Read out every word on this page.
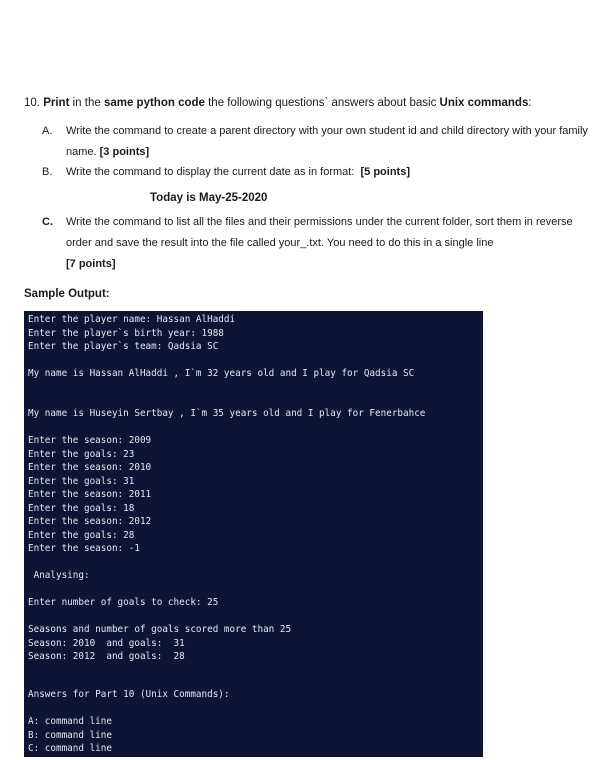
10. Print in the same python code the following questions` answers about basic Unix commands:
A. Write the command to create a parent directory with your own student id and child directory with your family name. [3 points]
B. Write the command to display the current date as in format: [5 points]
Today is May-25-2020
C. Write the command to list all the files and their permissions under the current folder, sort them in reverse order and save the result into the file called your_.txt. You need to do this in a single line
[7 points]
Sample Output:
Enter the player name: Hassan AlHaddi
Enter the player`s birth year: 1988
Enter the player`s team: Qadsia SC
My name is Hassan AlHaddi , I`m 32 years old and I play for Qadsia SC
My name is Huseyin Sertbay , I`m 35 years old and I play for Fenerbahce
Enter the season: 2009
Enter the goals: 23
Enter the season: 2010
Enter the goals: 31
Enter the season: 2011
Enter the goals: 18
Enter the season: 2012
Enter the goals: 28
Enter the season: -1
Analysing:
Enter number of goals to check: 25
Seasons and number of goals scored more than 25
Season: 2010  and goals:  31
Season: 2012  and goals:  28
Answers for Part 10 (Unix Commands):
A: command line
B: command line
C: command line
